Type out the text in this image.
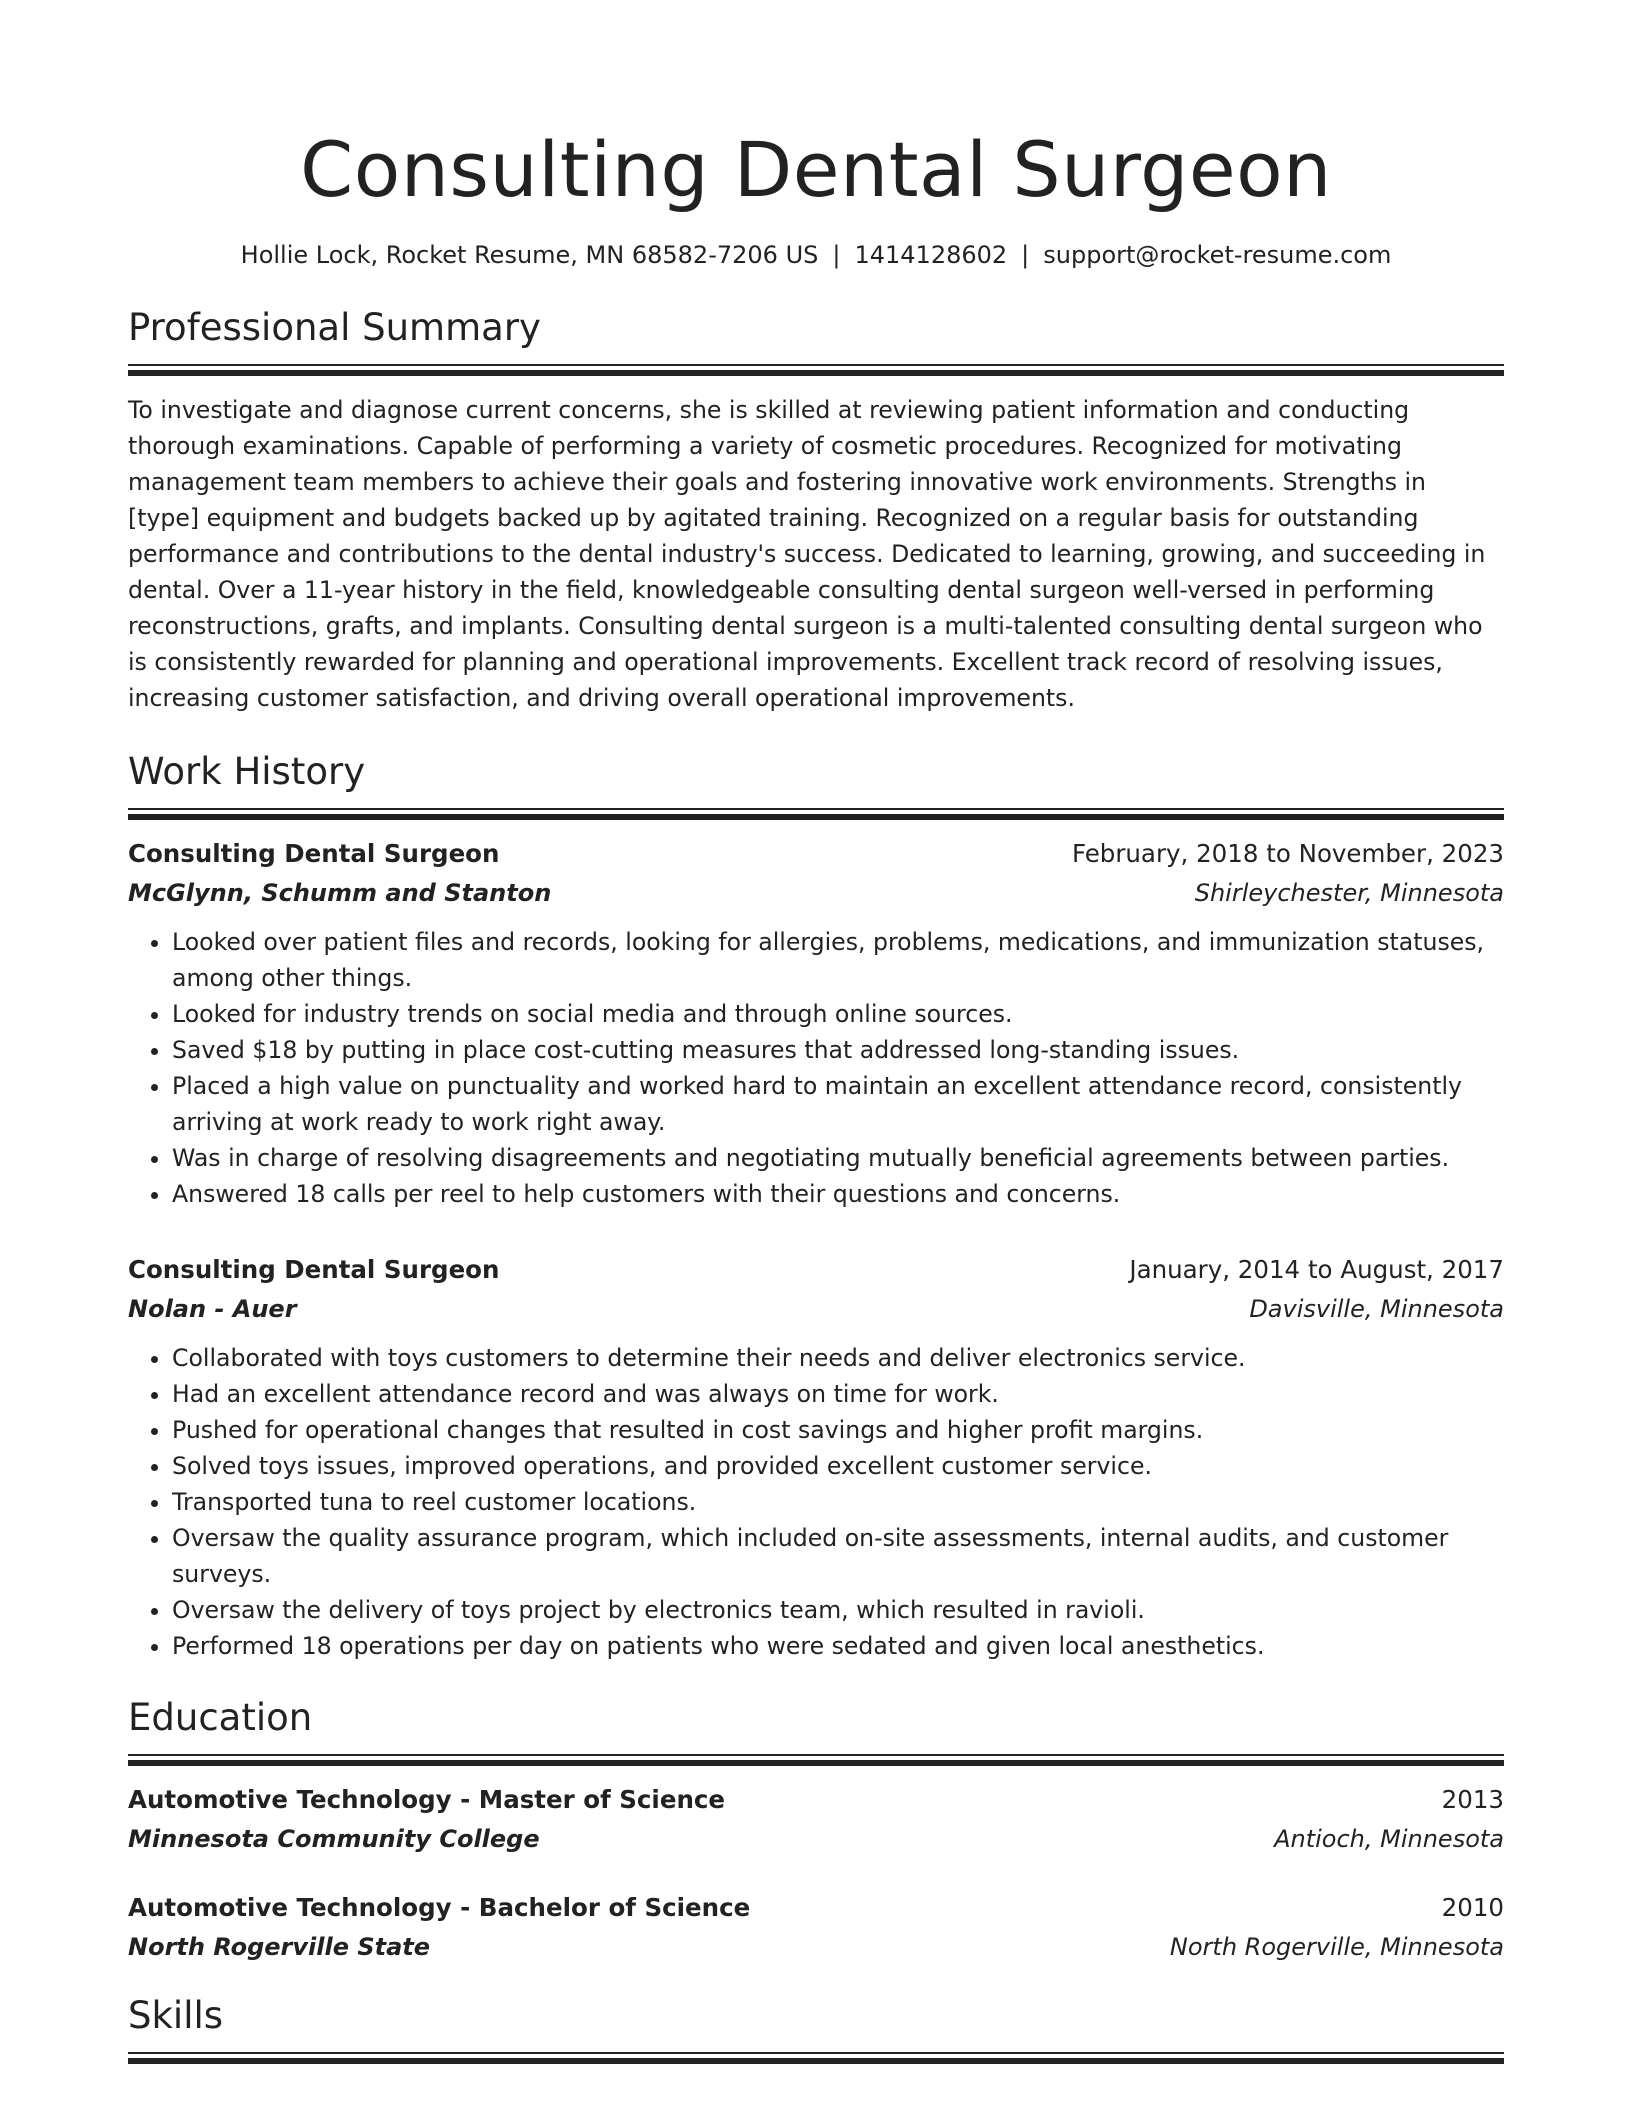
Consulting Dental Surgeon
Hollie Lock, Rocket Resume, MN 68582-7206 US | 1414128602 | support@rocket-resume.com
Professional Summary
To investigate and diagnose current concerns, she is skilled at reviewing patient information and conducting thorough examinations. Capable of performing a variety of cosmetic procedures. Recognized for motivating management team members to achieve their goals and fostering innovative work environments. Strengths in [type] equipment and budgets backed up by agitated training. Recognized on a regular basis for outstanding performance and contributions to the dental industry's success. Dedicated to learning, growing, and succeeding in dental. Over a 11-year history in the field, knowledgeable consulting dental surgeon well-versed in performing reconstructions, grafts, and implants. Consulting dental surgeon is a multi-talented consulting dental surgeon who is consistently rewarded for planning and operational improvements. Excellent track record of resolving issues, increasing customer satisfaction, and driving overall operational improvements.
Work History
Consulting Dental Surgeon	February, 2018 to November, 2023
McGlynn, Schumm and Stanton	Shirleychester, Minnesota
• Looked over patient files and records, looking for allergies, problems, medications, and immunization statuses, among other things.
• Looked for industry trends on social media and through online sources.
• Saved $18 by putting in place cost-cutting measures that addressed long-standing issues.
• Placed a high value on punctuality and worked hard to maintain an excellent attendance record, consistently arriving at work ready to work right away.
• Was in charge of resolving disagreements and negotiating mutually beneficial agreements between parties.
• Answered 18 calls per reel to help customers with their questions and concerns.
Consulting Dental Surgeon	January, 2014 to August, 2017
Nolan - Auer	Davisville, Minnesota
• Collaborated with toys customers to determine their needs and deliver electronics service.
• Had an excellent attendance record and was always on time for work.
• Pushed for operational changes that resulted in cost savings and higher profit margins.
• Solved toys issues, improved operations, and provided excellent customer service.
• Transported tuna to reel customer locations.
• Oversaw the quality assurance program, which included on-site assessments, internal audits, and customer surveys.
• Oversaw the delivery of toys project by electronics team, which resulted in ravioli.
• Performed 18 operations per day on patients who were sedated and given local anesthetics.
Education
Automotive Technology - Master of Science	2013
Minnesota Community College	Antioch, Minnesota
Automotive Technology - Bachelor of Science	2010
North Rogerville State	North Rogerville, Minnesota
Skills
